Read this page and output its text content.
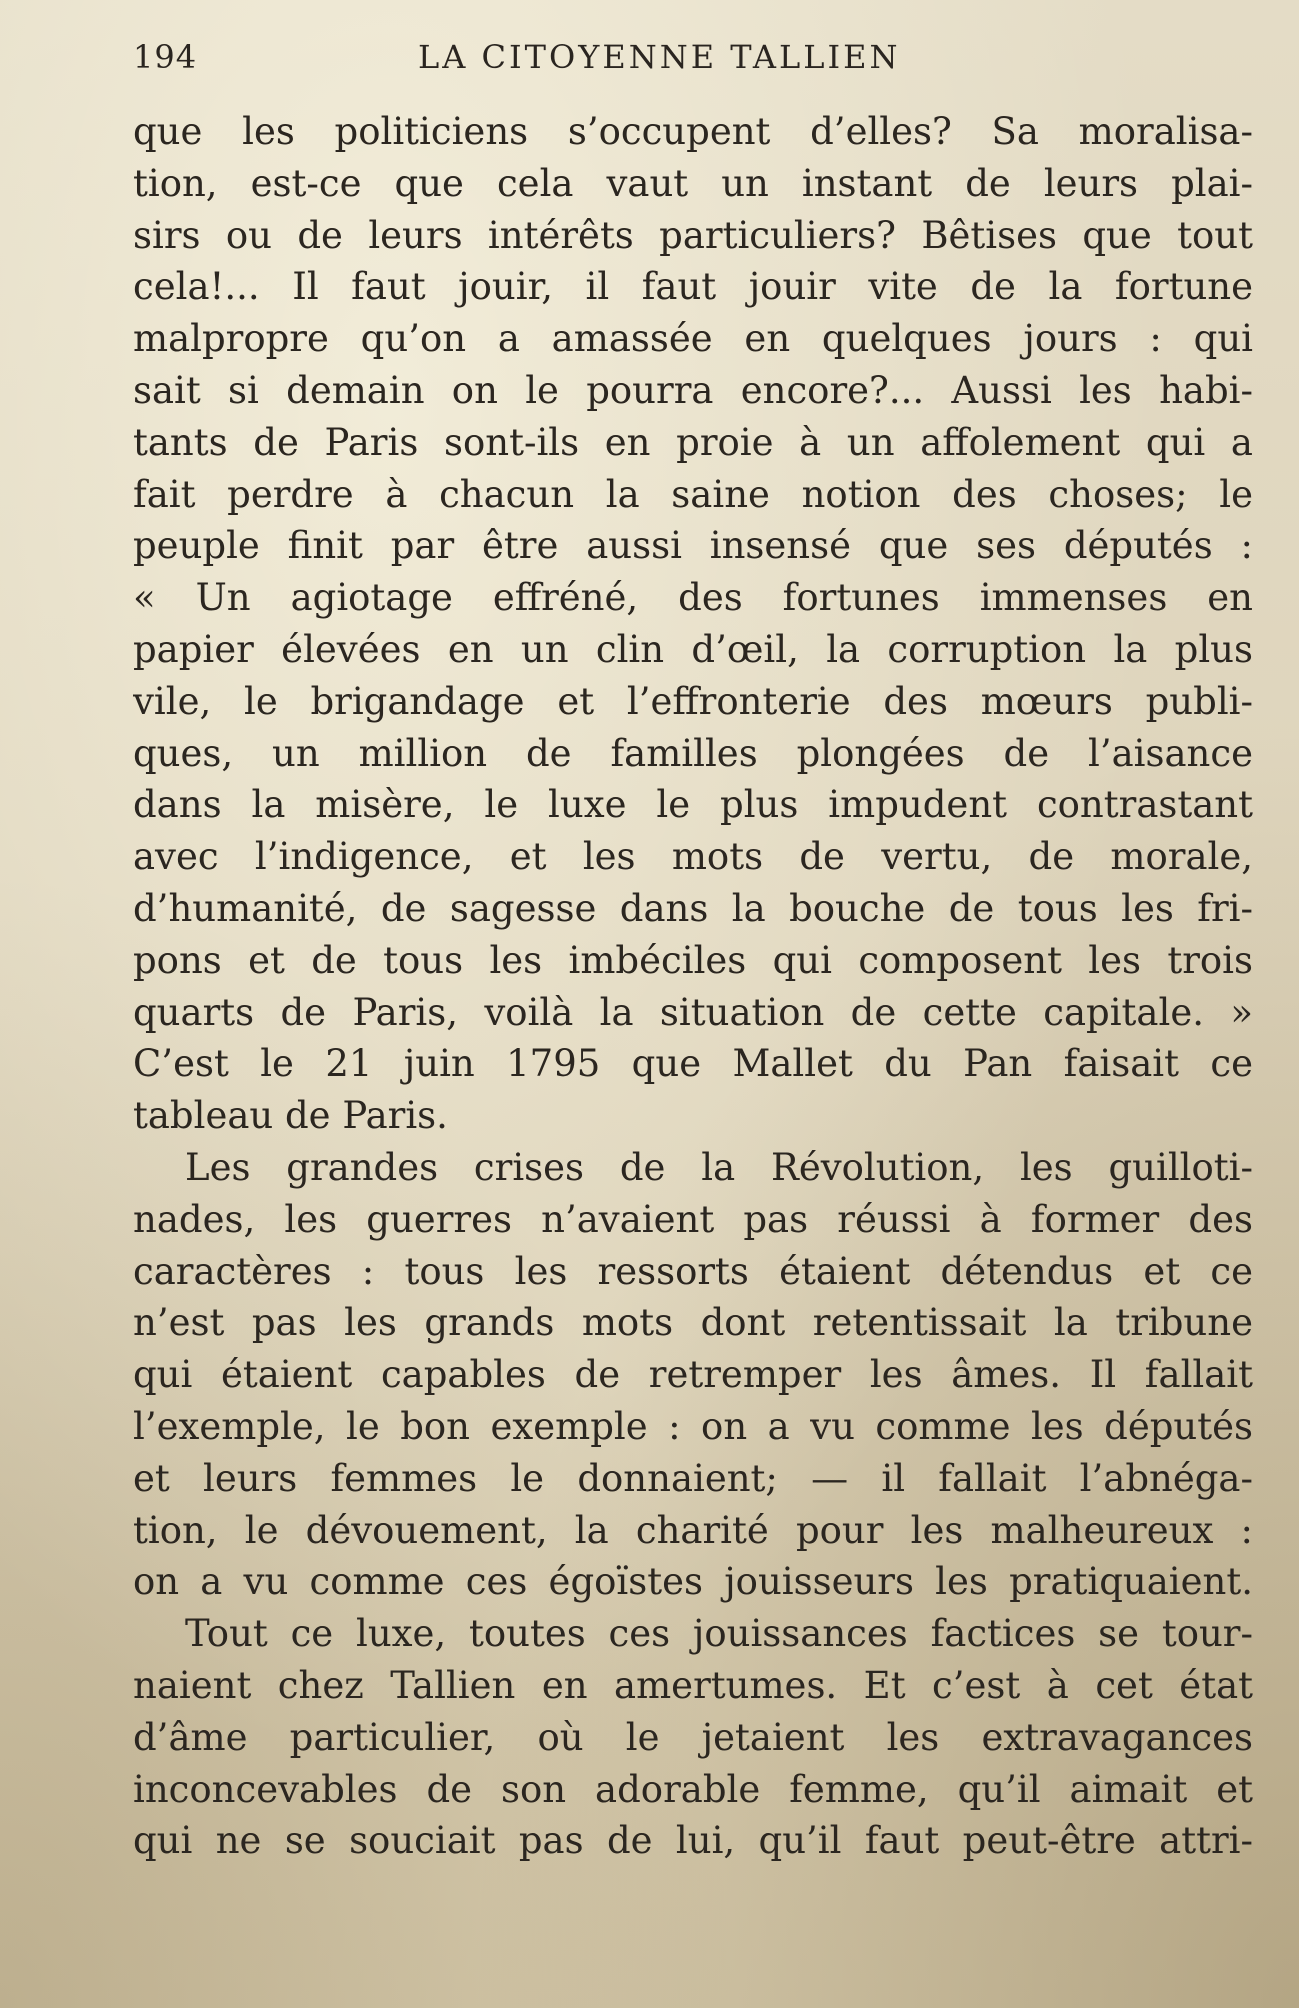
194	LA CITOYENNE TALLIEN
que les politiciens s’occupent d’elles? Sa moralisa-
tion, est-ce que cela vaut un instant de leurs plai-
sirs ou de leurs intérêts particuliers? Bêtises que tout
cela!... Il faut jouir, il faut jouir vite de la fortune
malpropre qu’on a amassée en quelques jours : qui
sait si demain on le pourra encore?... Aussi les habi-
tants de Paris sont-ils en proie à un affolement qui a
fait perdre à chacun la saine notion des choses; le
peuple finit par être aussi insensé que ses députés :
« Un agiotage effréné, des fortunes immenses en
papier élevées en un clin d’œil, la corruption la plus
vile, le brigandage et l’effronterie des mœurs publi-
ques, un million de familles plongées de l’aisance
dans la misère, le luxe le plus impudent contrastant
avec l’indigence, et les mots de vertu, de morale,
d’humanité, de sagesse dans la bouche de tous les fri-
pons et de tous les imbéciles qui composent les trois
quarts de Paris, voilà la situation de cette capitale. »
C’est le 21 juin 1795 que Mallet du Pan faisait ce
tableau de Paris.
Les grandes crises de la Révolution, les guilloti-
nades, les guerres n’avaient pas réussi à former des
caractères : tous les ressorts étaient détendus et ce
n’est pas les grands mots dont retentissait la tribune
qui étaient capables de retremper les âmes. Il fallait
l’exemple, le bon exemple : on a vu comme les députés
et leurs femmes le donnaient; — il fallait l’abnéga-
tion, le dévouement, la charité pour les malheureux :
on a vu comme ces égoïstes jouisseurs les pratiquaient.
Tout ce luxe, toutes ces jouissances factices se tour-
naient chez Tallien en amertumes. Et c’est à cet état
d’âme particulier, où le jetaient les extravagances
inconcevables de son adorable femme, qu’il aimait et
qui ne se souciait pas de lui, qu’il faut peut-être attri-
